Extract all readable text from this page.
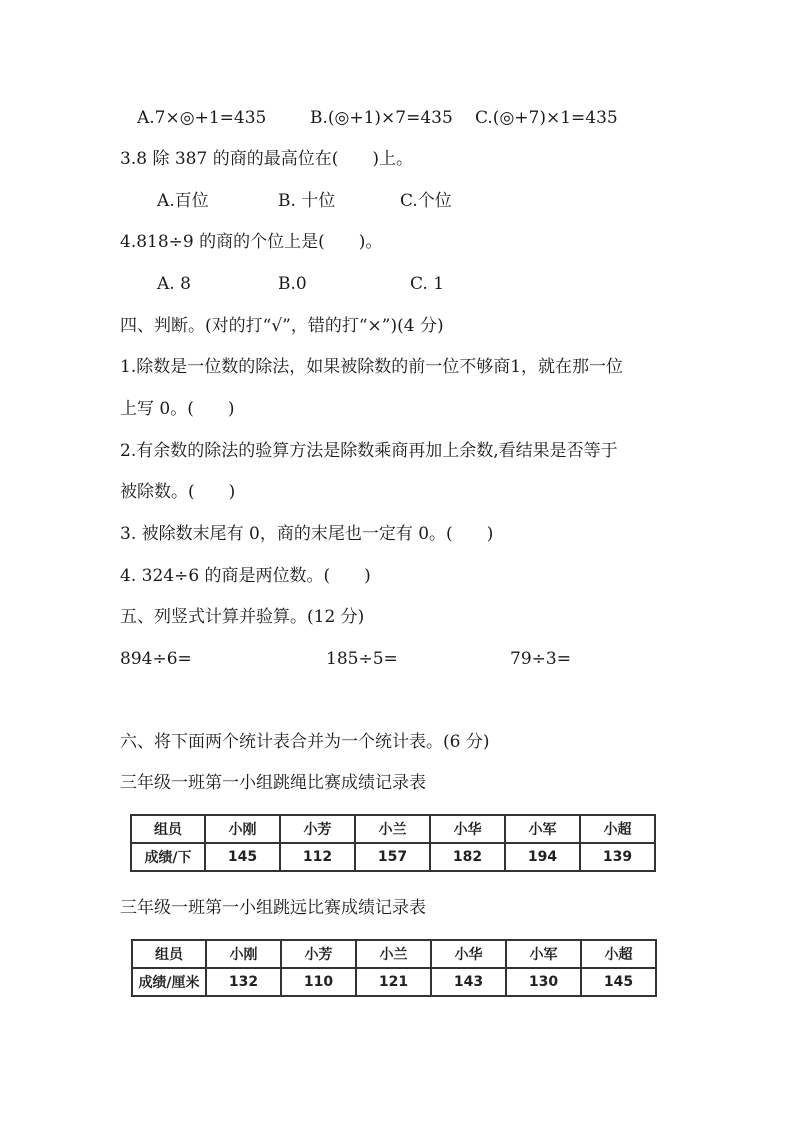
A.7×◎+1=435	B.(◎+1)×7=435 C.(◎+7)×1=435
3.8 除 387 的商的最高位在(　　)上。
A.百位	B. 十位	C.个位
4.818÷9 的商的个位上是(　　)。
A. 8	B.0	C. 1
四、判断。(对的打“√”，错的打“×”)(4 分)
1.除数是一位数的除法，如果被除数的前一位不够商1，就在那一位
上写 0。(　　)
2.有余数的除法的验算方法是除数乘商再加上余数,看结果是否等于
被除数。(　　)
3. 被除数末尾有 0，商的末尾也一定有 0。(　　)
4. 324÷6 的商是两位数。(　　)
五、列竖式计算并验算。(12 分)
894÷6=	185÷5=	79÷3=
六、将下面两个统计表合并为一个统计表。(6 分)
三年级一班第一小组跳绳比赛成绩记录表
组员	小刚	小芳	小兰	小华	小军	小超
成绩/下	145	112	157	182	194	139
三年级一班第一小组跳远比赛成绩记录表
组员	小刚	小芳	小兰	小华	小军	小超
成绩/厘米	132	110	121	143	130	145
